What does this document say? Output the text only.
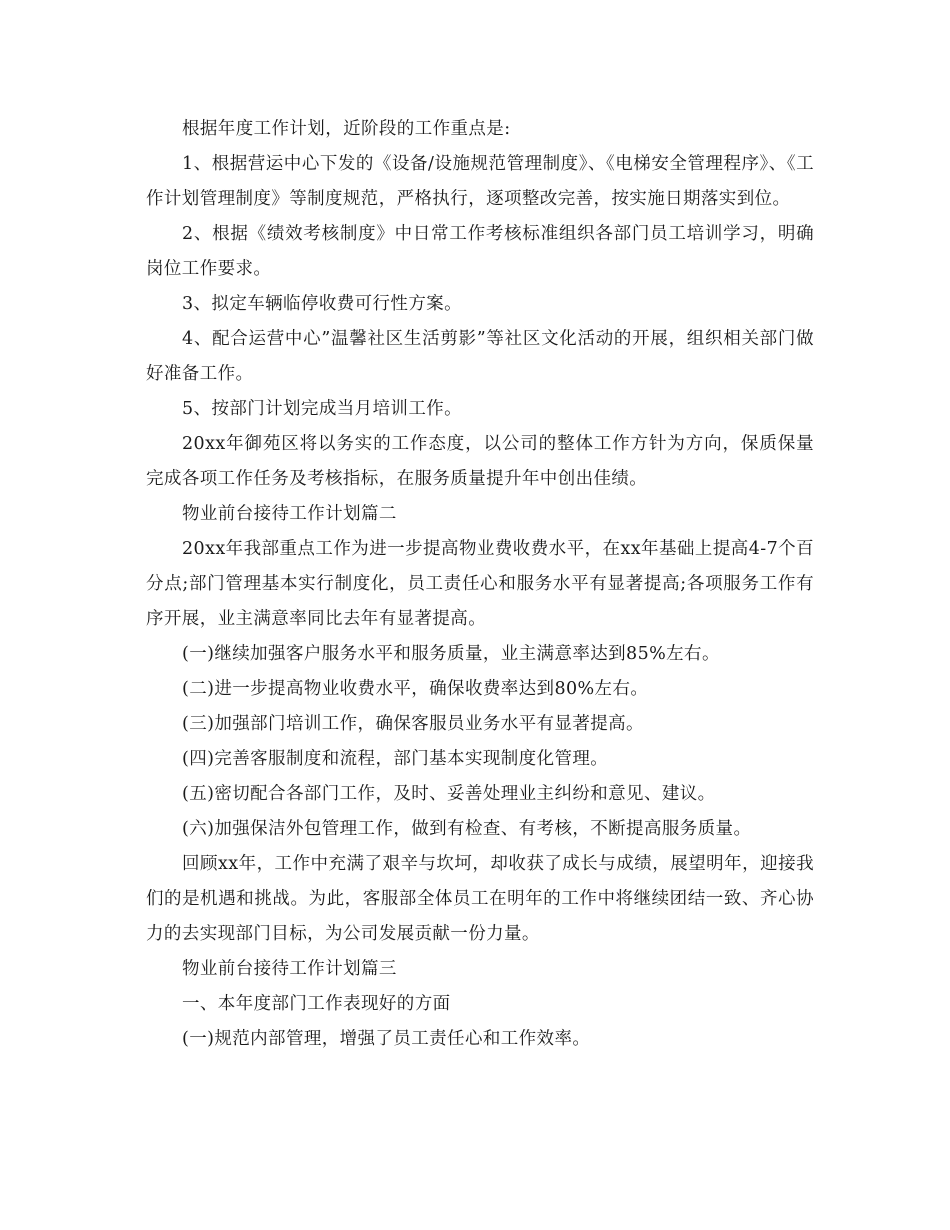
根据年度工作计划，近阶段的工作重点是:

1、根据营运中心下发的《设备/设施规范管理制度》、《电梯安全管理程序》、《工作计划管理制度》等制度规范，严格执行，逐项整改完善，按实施日期落实到位。

2、根据《绩效考核制度》中日常工作考核标准组织各部门员工培训学习，明确岗位工作要求。

3、拟定车辆临停收费可行性方案。

4、配合运营中心”温馨社区生活剪影”等社区文化活动的开展，组织相关部门做好准备工作。

5、按部门计划完成当月培训工作。

20xx年御苑区将以务实的工作态度，以公司的整体工作方针为方向，保质保量完成各项工作任务及考核指标，在服务质量提升年中创出佳绩。

物业前台接待工作计划篇二

20xx年我部重点工作为进一步提高物业费收费水平，在xx年基础上提高4-7个百分点;部门管理基本实行制度化，员工责任心和服务水平有显著提高;各项服务工作有序开展，业主满意率同比去年有显著提高。

(一)继续加强客户服务水平和服务质量，业主满意率达到85%左右。

(二)进一步提高物业收费水平，确保收费率达到80%左右。

(三)加强部门培训工作，确保客服员业务水平有显著提高。

(四)完善客服制度和流程，部门基本实现制度化管理。

(五)密切配合各部门工作，及时、妥善处理业主纠纷和意见、建议。

(六)加强保洁外包管理工作，做到有检查、有考核，不断提高服务质量。

回顾xx年，工作中充满了艰辛与坎坷，却收获了成长与成绩，展望明年，迎接我们的是机遇和挑战。为此，客服部全体员工在明年的工作中将继续团结一致、齐心协力的去实现部门目标，为公司发展贡献一份力量。

物业前台接待工作计划篇三

一、本年度部门工作表现好的方面

(一)规范内部管理，增强了员工责任心和工作效率。
